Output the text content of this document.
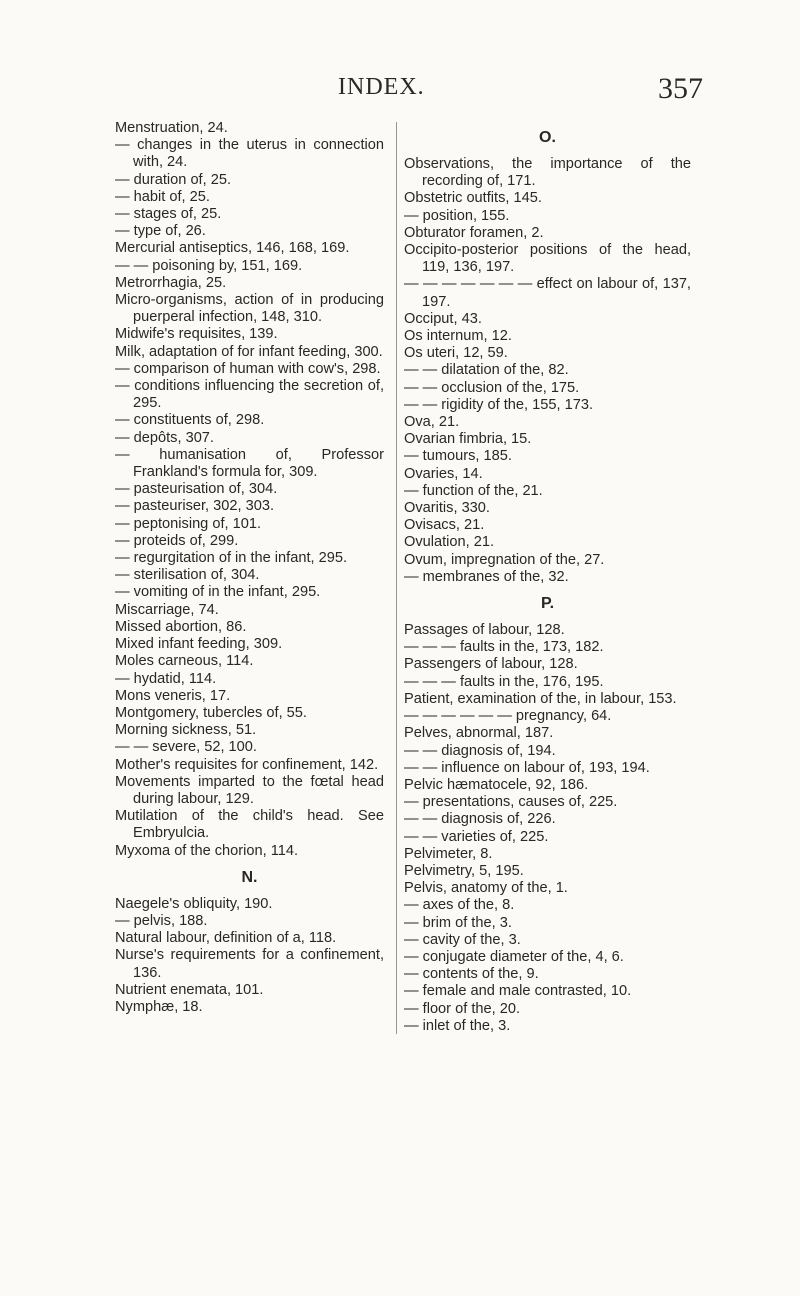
INDEX.	357

Menstruation, 24.

— changes in the uterus in connection with, 24.

— duration of, 25.

— habit of, 25.

— stages of, 25.

— type of, 26.

Mercurial antiseptics, 146, 168, 169.

— — poisoning by, 151, 169.

Metrorrhagia, 25.

Micro-organisms, action of in producing puerperal infection, 148, 310.

Midwife's requisites, 139.

Milk, adaptation of for infant feeding, 300.

— comparison of human with cow's, 298.

— conditions influencing the secretion of, 295.

— constituents of, 298.

— depôts, 307.

— humanisation of, Professor Frankland's formula for, 309.

— pasteurisation of, 304.

— pasteuriser, 302, 303.

— peptonising of, 101.

— proteids of, 299.

— regurgitation of in the infant, 295.

— sterilisation of, 304.

— vomiting of in the infant, 295.

Miscarriage, 74.

Missed abortion, 86.

Mixed infant feeding, 309.

Moles carneous, 114.

— hydatid, 114.

Mons veneris, 17.

Montgomery, tubercles of, 55.

Morning sickness, 51.

— — severe, 52, 100.

Mother's requisites for confinement, 142.

Movements imparted to the fœtal head during labour, 129.

Mutilation of the child's head. See Embryulcia.

Myxoma of the chorion, 114.

N.

Naegele's obliquity, 190.

— pelvis, 188.

Natural labour, definition of a, 118.

Nurse's requirements for a confinement, 136.

Nutrient enemata, 101.

Nymphæ, 18.

O.

Observations, the importance of the recording of, 171.

Obstetric outfits, 145.

— position, 155.

Obturator foramen, 2.

Occipito-posterior positions of the head, 119, 136, 197.

— — — — — — — effect on labour of, 137, 197.

Occiput, 43.

Os internum, 12.

Os uteri, 12, 59.

— — dilatation of the, 82.

— — occlusion of the, 175.

— — rigidity of the, 155, 173.

Ova, 21.

Ovarian fimbria, 15.

— tumours, 185.

Ovaries, 14.

— function of the, 21.

Ovaritis, 330.

Ovisacs, 21.

Ovulation, 21.

Ovum, impregnation of the, 27.

— membranes of the, 32.

P.

Passages of labour, 128.

— — — faults in the, 173, 182.

Passengers of labour, 128.

— — — faults in the, 176, 195.

Patient, examination of the, in labour, 153.

— — — — — — pregnancy, 64.

Pelves, abnormal, 187.

— — diagnosis of, 194.

— — influence on labour of, 193, 194.

Pelvic hæmatocele, 92, 186.

— presentations, causes of, 225.

— — diagnosis of, 226.

— — varieties of, 225.

Pelvimeter, 8.

Pelvimetry, 5, 195.

Pelvis, anatomy of the, 1.

— axes of the, 8.

— brim of the, 3.

— cavity of the, 3.

— conjugate diameter of the, 4, 6.

— contents of the, 9.

— female and male contrasted, 10.

— floor of the, 20.

— inlet of the, 3.
